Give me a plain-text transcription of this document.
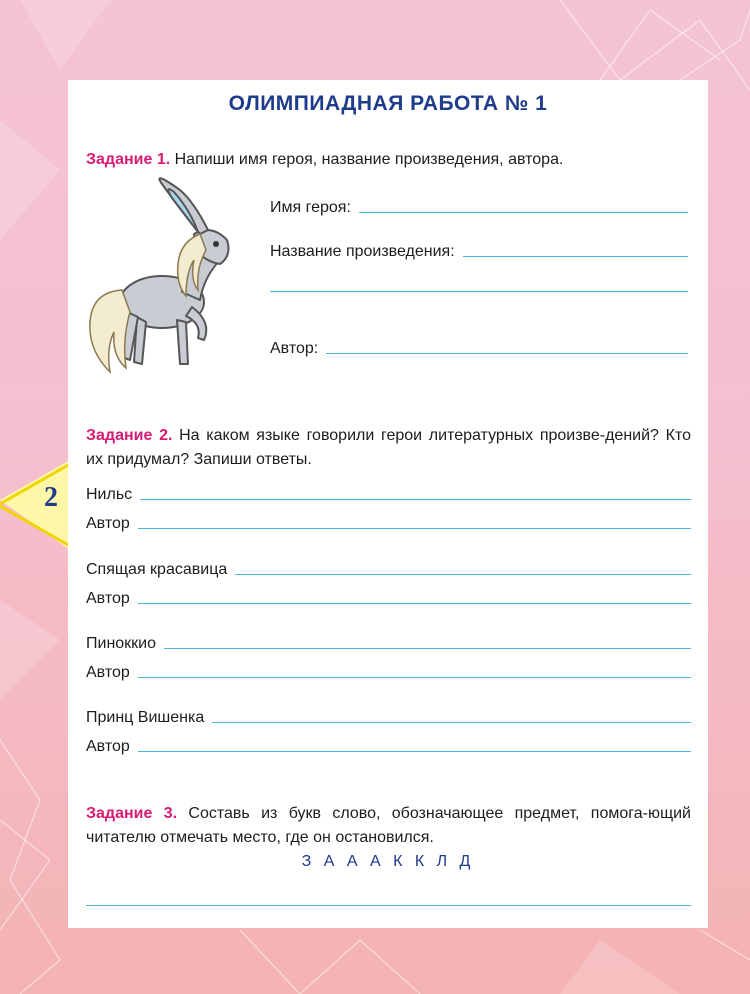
2
ОЛИМПИАДНАЯ РАБОТА № 1
Задание 1. Напиши имя героя, название произведения, автора.
Имя героя:
Название произведения:
Автор:
Задание 2. На каком языке говорили герои литературных произве-дений? Кто их придумал? Запиши ответы.
Нильс
Автор
Спящая красавица
Автор
Пиноккио
Автор
Принц Вишенка
Автор
Задание 3. Составь из букв слово, обозначающее предмет, помога-ющий читателю отмечать место, где он остановился.
З А А А К К Л Д
